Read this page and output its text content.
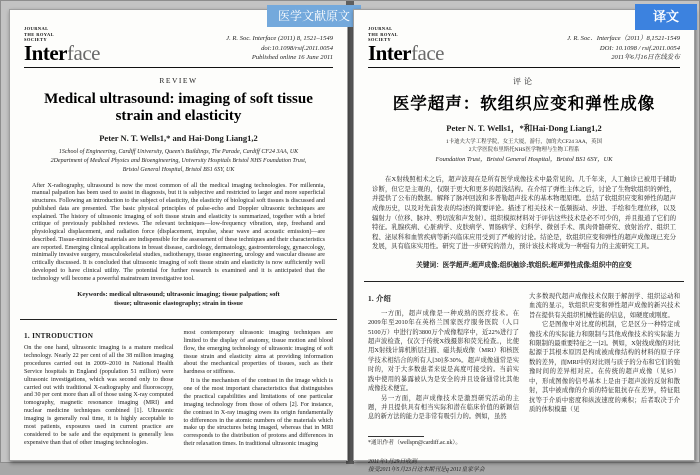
医学文献原文
JOURNAL
THE ROYAL
SOCIETY
Interface
J. R. Soc. Interface (2011) 8, 1521–1549
doi:10.1098/rsif.2011.0054
Published online 16 June 2011
REVIEW
Medical ultrasound: imaging of soft tissue strain and elasticity
Peter N. T. Wells1,* and Hai-Dong Liang1,2
1School of Engineering, Cardiff University, Queen's Buildings, The Parade, Cardiff CF24 3AA, UK
2Department of Medical Physics and Bioengineering, University Hospitals Bristol NHS Foundation Trust, Bristol General Hospital, Bristol BS1 6SY, UK
After X-radiography, ultrasound is now the most common of all the medical imaging technologies. For millennia, manual palpation has been used to assist in diagnosis, but it is subjective and restricted to larger and more superficial structures. Following an introduction to the subject of elasticity, the elasticity of biological soft tissues is discussed and published data are presented. The basic physical principles of pulse-echo and Doppler ultrasonic techniques are explained. The history of ultrasonic imaging of soft tissue strain and elasticity is summarized, together with a brief critique of previously published reviews. The relevant techniques—low-frequency vibration, step, freehand and physiological displacement, and radiation force (displacement, impulse, shear wave and acoustic emission)—are described. Tissue-mimicking materials are indispensible for the assessment of these techniques and their characteristics are reported. Emerging clinical applications in breast disease, cardiology, dermatology, gastroenterology, gynaecology, minimally invasive surgery, musculoskeletal studies, radiotherapy, tissue engineering, urology and vascular disease are critically discussed. It is concluded that ultrasonic imaging of soft tissue strain and elasticity is now sufficiently well developed to have clinical utility. The potential for further research is examined and it is anticipated that the technology will become a powerful mainstream investigative tool.
Keywords: medical ultrasound; ultrasonic imaging; tissue palpation; soft tissue; ultrasonic elastography; strain in tissue
1. INTRODUCTION
On the one hand, ultrasonic imaging is a mature medical technology. Nearly 22 per cent of all the 38 million imaging procedures carried out in 2009–2010 in National Health Service hospitals in England (population 51 million) were ultrasonic investigations, which was second only to those carried out with traditional X-radiography and fluoroscopy, and 30 per cent more than all of those using X-ray computed tomography, magnetic resonance imaging (MRI) and nuclear medicine techniques combined [1]. Ultrasonic imaging is generally real time, it is highly acceptable to most patients, exposures used in current practice are considered to be safe and the equipment is generally less expensive than that of other imaging technologies.
most contemporary ultrasonic imaging techniques are limited to the display of anatomy, tissue motion and blood flow, the emerging technology of ultrasonic imaging of soft tissue strain and elasticity aims at providing information about the mechanical properties of tissues, such as their hardness or stiffness.
It is the mechanism of the contrast in the image which is one of the most important characteristics that distinguishes the practical capabilities and limitations of one particular imaging technology from those of others [2]. For instance, the contrast in X-ray imaging owes its origin fundamentally to differences in the atomic numbers of the materials which make up the structures being imaged, whereas that in MRI corresponds to the distribution of protons and differences in their relaxation times. In traditional ultrasonic imaging
译文
JOURNAL
THE ROYAL
SOCIETY
Interface
J. R. Soc．Interface（2011）8,1521-1549
DOI: 10.1098 / rsif.2011.0054
2011年6月16日在线发布
评论
医学超声：软组织应变和弹性成像
Peter N. T. Wells1，*和Hai-Dong Liang1,2
1卡迪夫大学工程学院，女王大厦，游行，加的夫CF24 3AA，英国
2大学医院布里斯托NHS医学物理与生物工程系
Foundation Trust，Bristol General Hospital，Bristol BS1 6SY，UK
在X射线照相术之后，超声波现在是所有医学成像技术中最常见的。几千年来，人工触诊已被用于辅助诊断，但它是主观的，仅限于更大和更多的超浅结构。在介绍了弹性主体之后，讨论了生物软组织的弹性，并提供了公布的数据。解释了脉冲回波和多普勒超声技术的基本物理原理。总结了软组织应变和弹性的超声成像历史，以及对先前发表的综述的简要评论。描述了相关技术－低频振动、步进、手绘和生理位移，以及辐射力（位移、脉冲、剪切波和声发射）。组织模拟材料对于评估这些技术是必不可少的，并且报道了它们的特征。乳腺疾病、心脏病学、皮肤病学、胃肠病学、妇科学、微创手术、肌肉骨骼研究、放射治疗、组织工程、泌尿科和血管疾病等新兴临床应用受到了严峻的讨论。结论是，软组织应变和弹性的超声成像现已充分发展，具有临床实用性。研究了进一步研究的潜力，预计该技术将成为一种强有力的主流研究工具。
关键词：医学超声;超声成像;组织触诊;软组织;超声弹性成像;组织中的应变
1. 介绍
一方面，超声成像是一种成熟的医疗技术。在2009年至2010年在英格兰国家医疗服务医院（人口5100万）中进行的3800万个成像程序中，近22%进行了超声波检查，仅次于传统X线摄影和荧光检查。，比使用X射线计算机断层扫描、磁共振成像（MRI）和核医学技术相结合的所有人[30]多30%。超声成像通常是实时的，对于大多数患者来说是高度可接受的。当前实践中使用的暴露被认为是安全的并且设备通常比其他成像技术便宜。
另一方面，超声成像技术是激烈研究活动的主题，并且提供具有相当实际和潜在临床价值的新颖信息的新方法的能力是非常有吸引力的。例如，虽然
*通讯作者（wellspn@cardiff.ac.uk）。
2011年1月29日收到
接受2011年5月23日这本期刊是q 2011皇家学会
大多数现代超声成像技术仅限于解剖学、组织运动和血流的显示，软组织应变和弹性超声成像的新兴技术旨在提供有关组织机械性能的信息，如硬度或刚度。
它是图像中对比度的机制，它是区分一种特定成像技术的实际能力和限制与其他成像技术的实际能力和限制的最重要特征之一[2]。例如，X射线成像的对比起源于其根本原因是构成被成像结构的材料的原子序数的差异，而MRI中的对比则与质子的分布和它们的弛豫时间的差异相对应。在传统的超声成像（见§5）中，形成图像的信号基本上是由于超声波的反射和散射，其中被成像的介质的特征阻抗存在差异，特征阻抗等于介质中密度和纵波速度的乘积；后者取决于介质的体积模量（见
